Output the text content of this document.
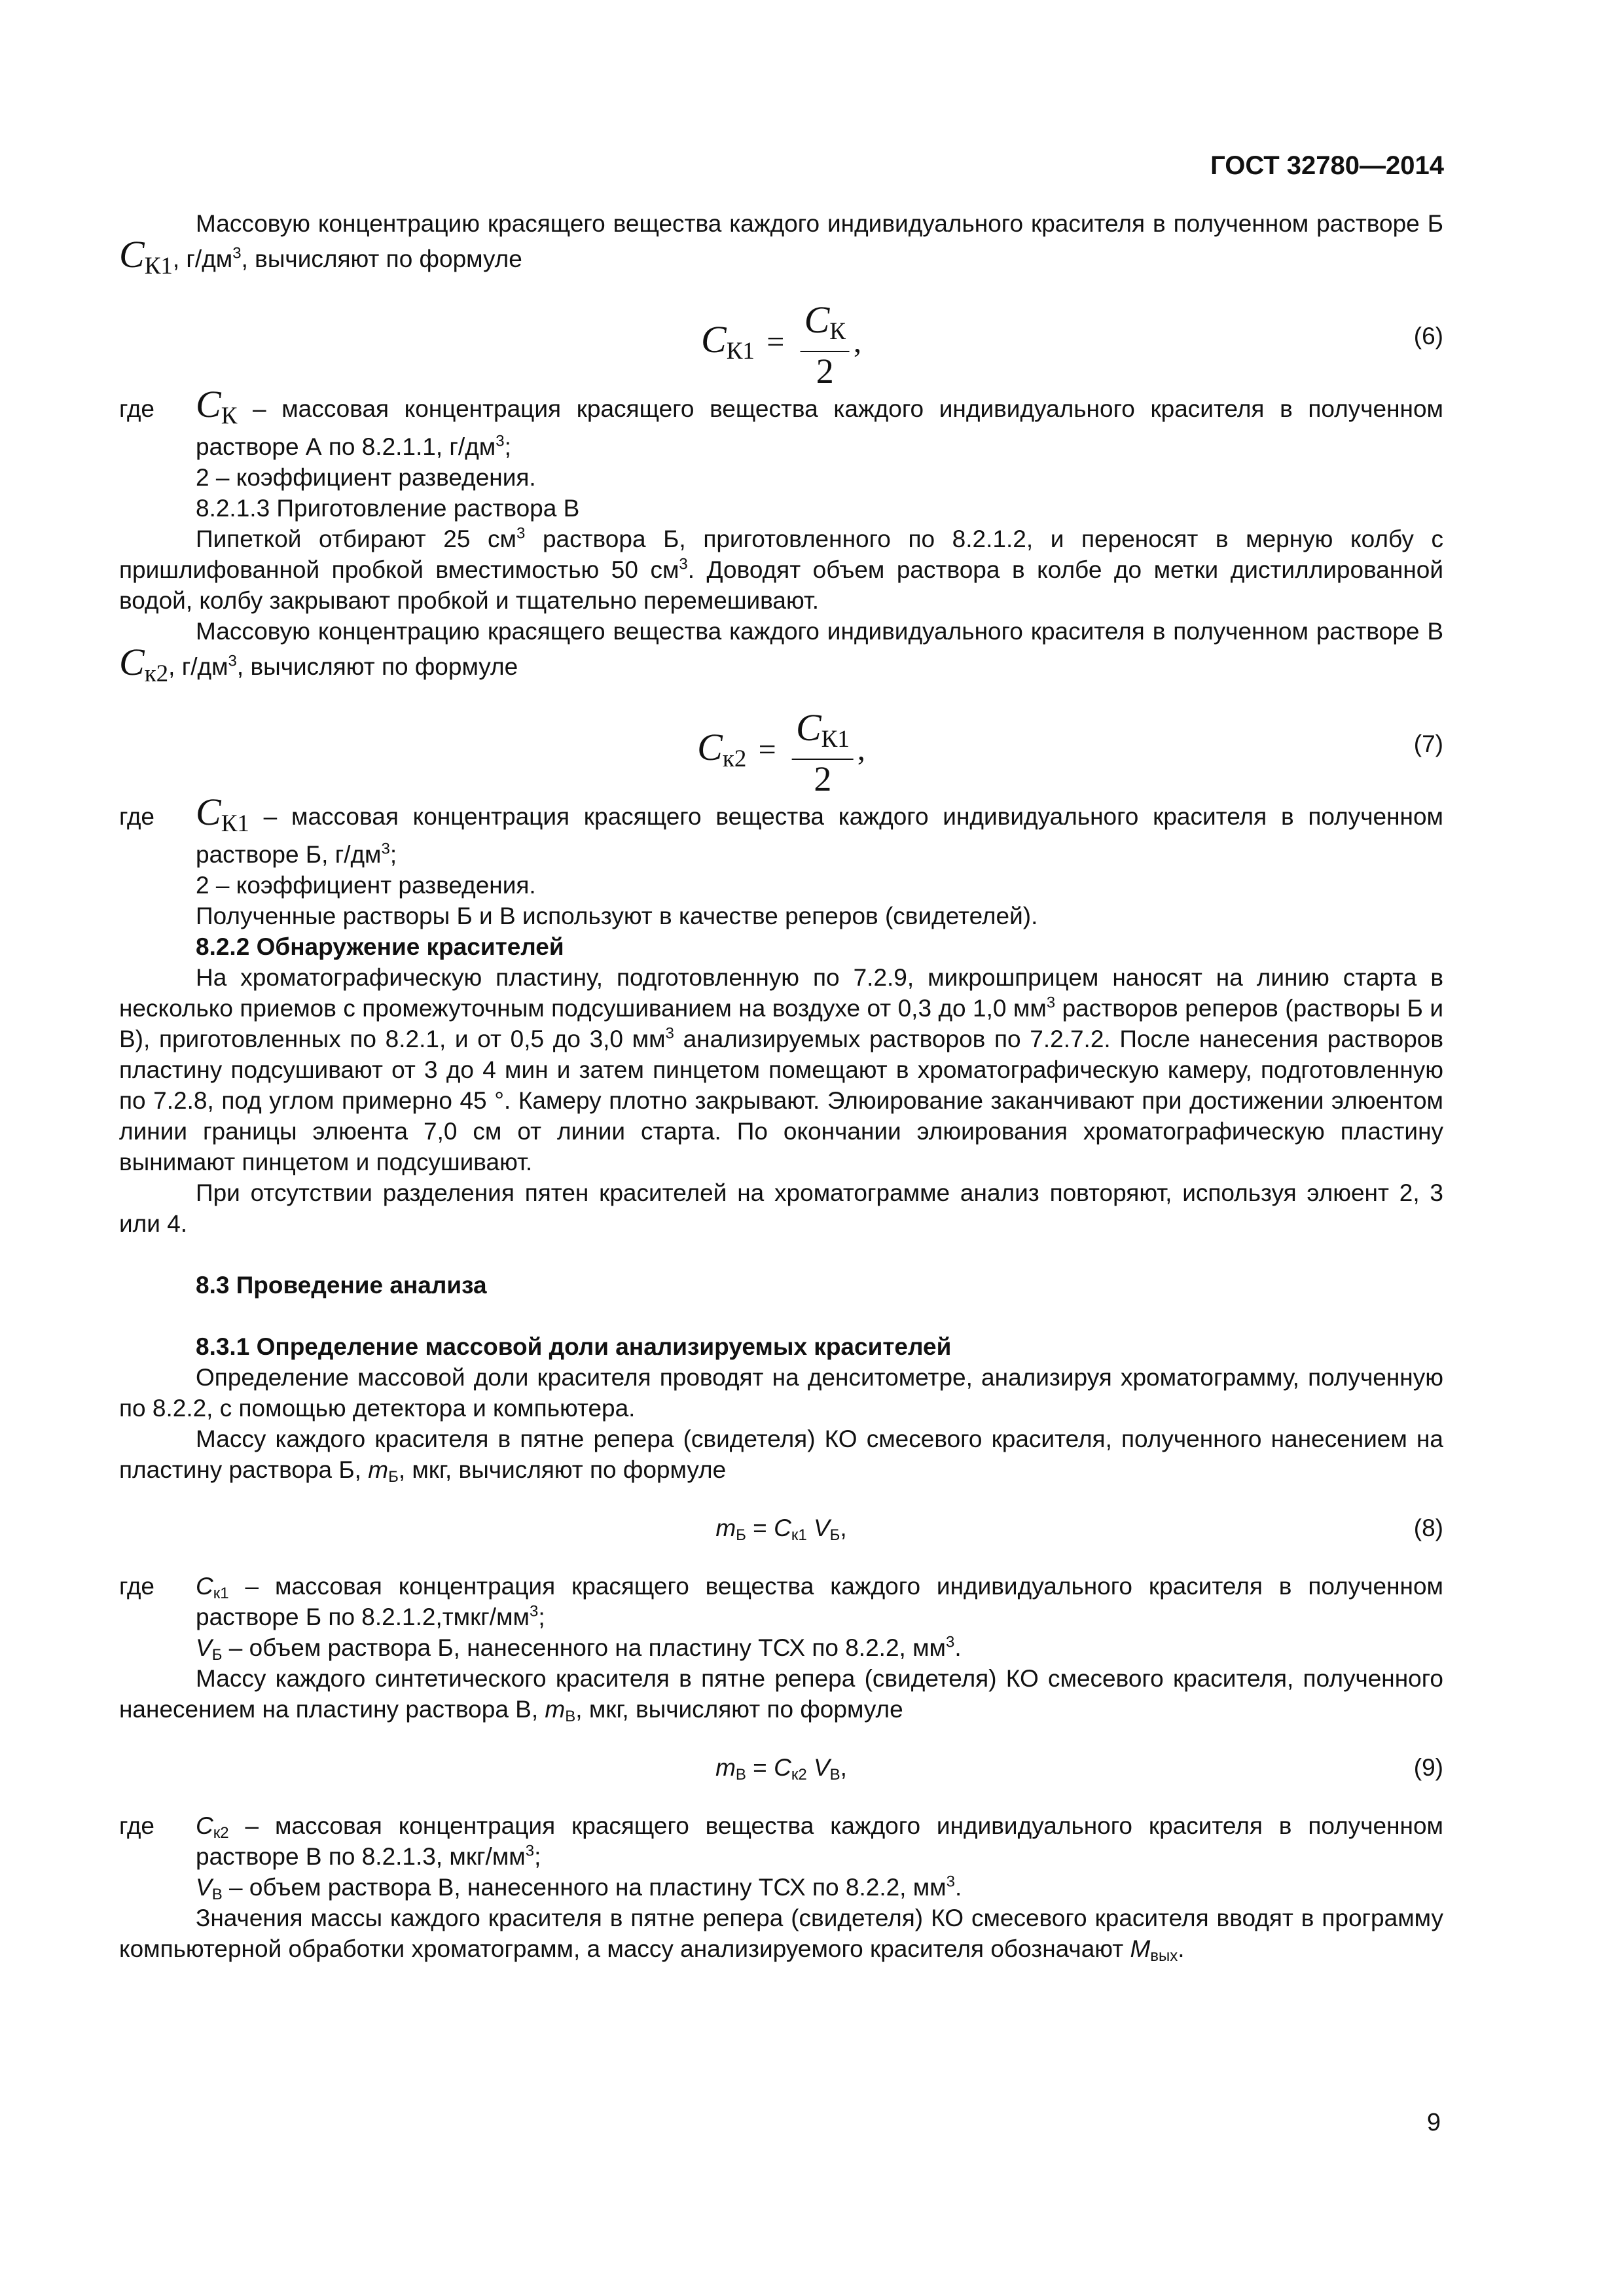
ГОСТ 32780—2014

Массовую концентрацию красящего вещества каждого индивидуального красителя в полученном растворе Б CК1, $г/дм^3$, вычисляют по формуле

$CК1 = \frac{CК}{2}$ ,	(6)
где	CК – массовая концентрация красящего вещества каждого индивидуального красителя в полученном растворе А по 8.2.1.1, $г/дм^3$;

2 – коэффициент разведения.

8.2.1.3 Приготовление раствора В

Пипеткой отбирают 25 $см^3$ раствора Б, приготовленного по 8.2.1.2, и переносят в мерную колбу с пришлифованной пробкой вместимостью 50 $см^3$. Доводят объем раствора в колбе до метки дистиллированной водой, колбу закрывают пробкой и тщательно перемешивают.

Массовую концентрацию красящего вещества каждого индивидуального красителя в полученном растворе В Cк2, $г/дм^3$, вычисляют по формуле

$Cк2 = \frac{CК1}{2}$ ,	(7)
где	CК1 – массовая концентрация красящего вещества каждого индивидуального красителя в полученном растворе Б, $г/дм^3$;

2 – коэффициент разведения.

Полученные растворы Б и В используют в качестве реперов (свидетелей).

8.2.2 Обнаружение красителей

На хроматографическую пластину, подготовленную по 7.2.9, микрошприцем наносят на линию старта в несколько приемов с промежуточным подсушиванием на воздухе от 0,3 до 1,0 $мм^3$ растворов реперов (растворы Б и В), приготовленных по 8.2.1, и от 0,5 до 3,0 $мм^3$ анализируемых растворов по 7.2.7.2. После нанесения растворов пластину подсушивают от 3 до 4 мин и затем пинцетом помещают в хроматографическую камеру, подготовленную по 7.2.8, под углом примерно 45 °. Камеру плотно закрывают. Элюирование заканчивают при достижении элюентом линии границы элюента 7,0 см от линии старта. По окончании элюирования хроматографическую пластину вынимают пинцетом и подсушивают.

При отсутствии разделения пятен красителей на хроматограмме анализ повторяют, используя элюент 2, 3 или 4.

8.3 Проведение анализа

8.3.1 Определение массовой доли анализируемых красителей

Определение массовой доли красителя проводят на денситометре, анализируя хроматограмму, полученную по 8.2.2, с помощью детектора и компьютера.

Массу каждого красителя в пятне репера (свидетеля) КО смесевого красителя, полученного нанесением на пластину раствора Б, $m_Б$, мкг, вычисляют по формуле

$m_Б = C_{к1}$ $V_Б$,	(8)
где	$C_{к1}$ – массовая концентрация красящего вещества каждого индивидуального красителя в полученном растворе Б по $8.2.1.2,тмкг/мм^3$;

$V_Б$ – объем раствора Б, нанесенного на пластину ТСХ по 8.2.2, $мм^3$.

Массу каждого синтетического красителя в пятне репера (свидетеля) КО смесевого красителя, полученного нанесением на пластину раствора В, $m_В$, мкг, вычисляют по формуле

$m_В = C_{к2}$ $V_В$,	(9)
где	$C_{к2}$ – массовая концентрация красящего вещества каждого индивидуального красителя в полученном растворе В по 8.2.1.3, мкг/$мм^3$;

$V_В$ – объем раствора В, нанесенного на пластину ТСХ по 8.2.2, $мм^3$.

Значения массы каждого красителя в пятне репера (свидетеля) КО смесевого красителя вводят в программу компьютерной обработки хроматограмм, а массу анализируемого красителя обозначают $M_{вых}$.

9
